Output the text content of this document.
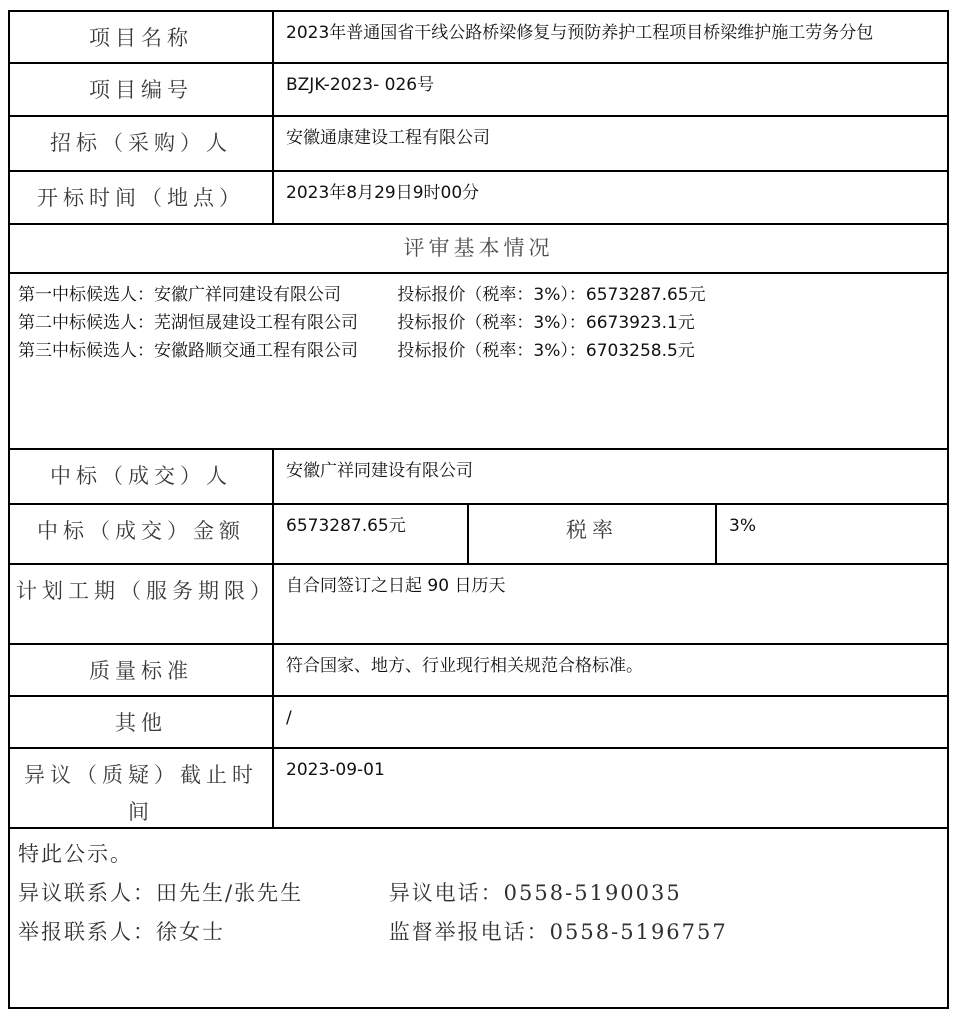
项目名称	2023年普通国省干线公路桥梁修复与预防养护工程项目桥梁维护施工劳务分包
项目编号	BZJK-2023- 026号
招标（采购）人	安徽通康建设工程有限公司
开标时间（地点）	2023年8月29日9时00分
评审基本情况
第一中标候选人：安徽广祥同建设有限公司	投标报价（税率：3%）：6573287.65元
第二中标候选人：芜湖恒晟建设工程有限公司 投标报价（税率：3%）：6673923.1元
第三中标候选人：安徽路顺交通工程有限公司 投标报价（税率：3%）：6703258.5元
中标（成交）人	安徽广祥同建设有限公司
中标（成交）金额	6573287.65元	税率	3%
计划工期（服务期限） 自合同签订之日起 90 日历天
质量标准	符合国家、地方、行业现行相关规范合格标准。
其他	/
异议（质疑）截止时间
2023-09-01
特此公示。
异议联系人：田先生/张先生	异议电话：0558-5190035
举报联系人：徐女士	监督举报电话：0558-5196757
